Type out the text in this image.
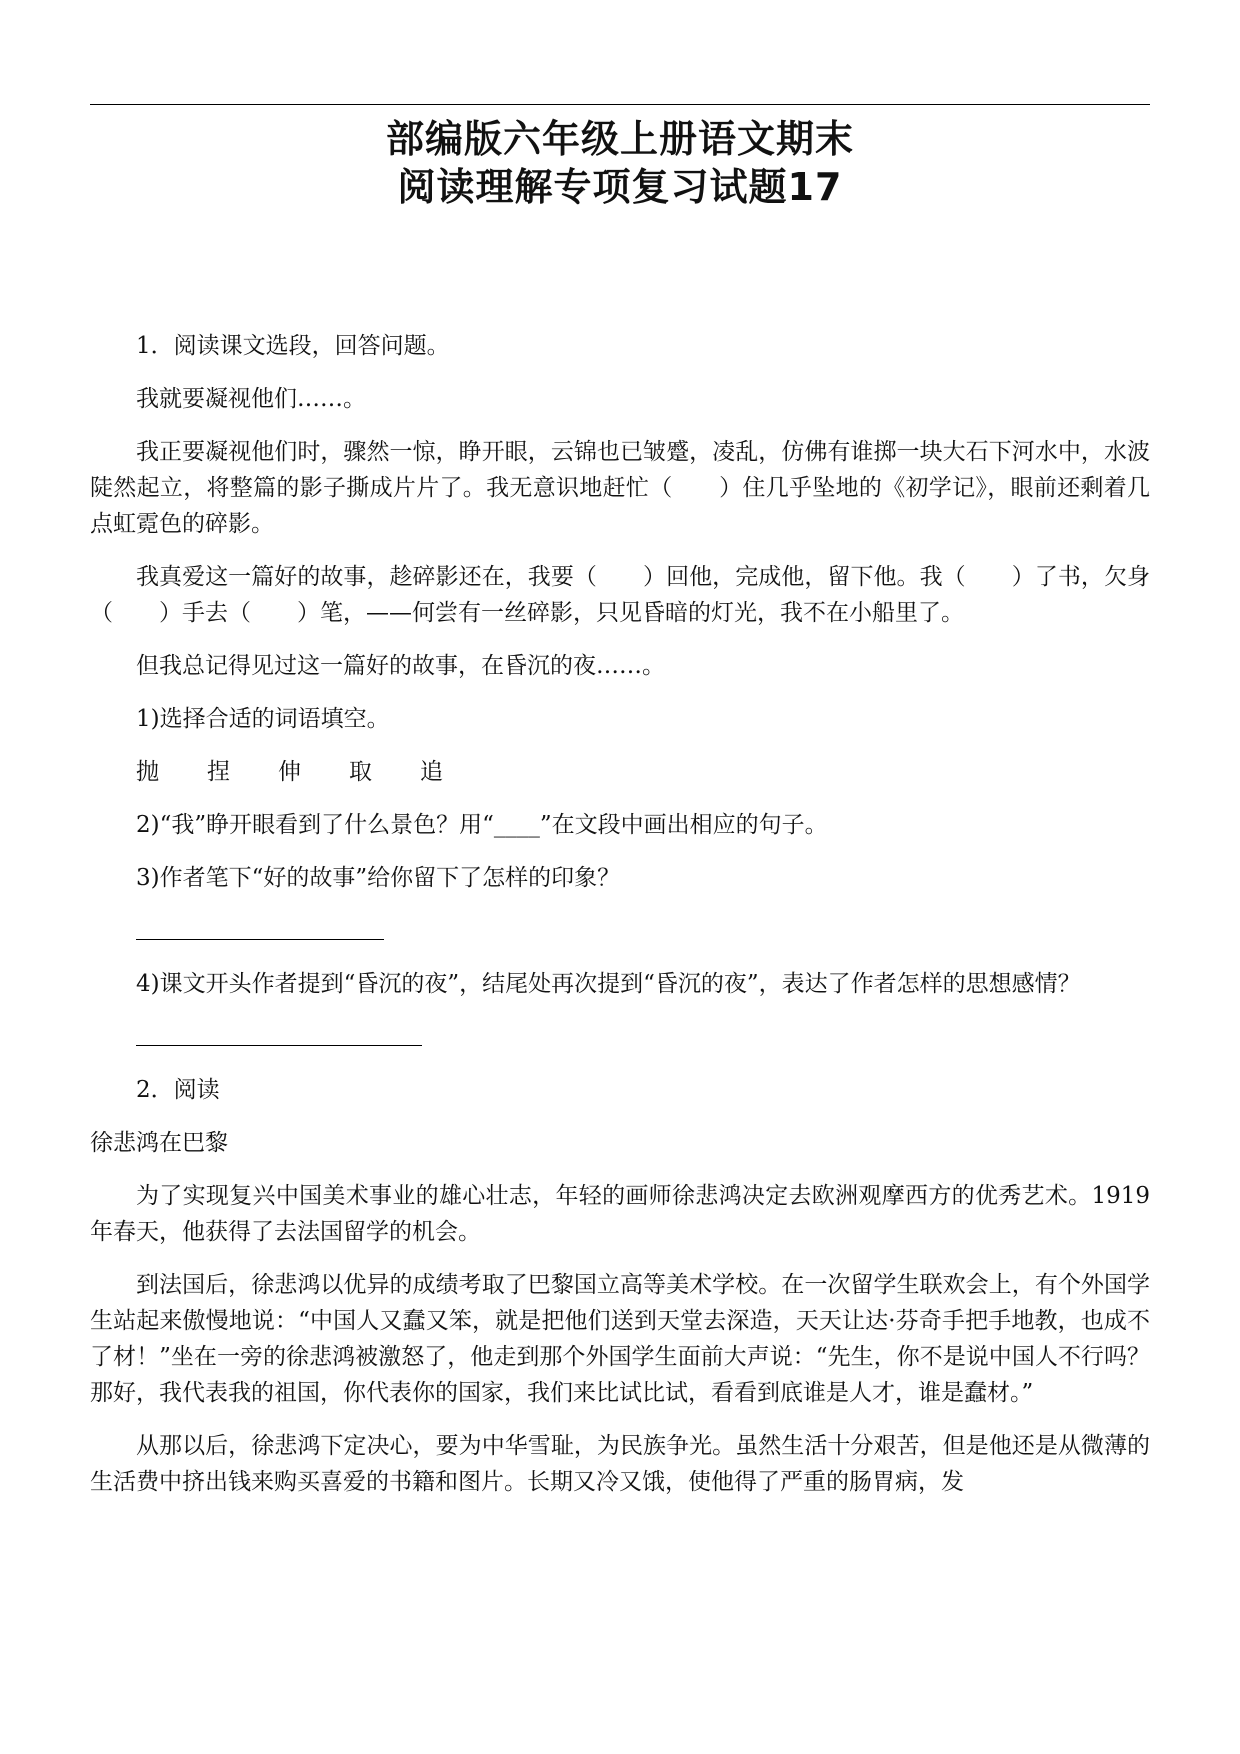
部编版六年级上册语文期末
阅读理解专项复习试题17

1．阅读课文选段，回答问题。

我就要凝视他们……。

我正要凝视他们时，骤然一惊，睁开眼，云锦也已皱蹙，凌乱，仿佛有谁掷一块大石下河水中，水波陡然起立，将整篇的影子撕成片片了。我无意识地赶忙（　　）住几乎坠地的《初学记》，眼前还剩着几点虹霓色的碎影。

我真爱这一篇好的故事，趁碎影还在，我要（　　）回他，完成他，留下他。我（　　）了书，欠身（　　）手去（　　）笔，——何尝有一丝碎影，只见昏暗的灯光，我不在小船里了。

但我总记得见过这一篇好的故事，在昏沉的夜……。

1)选择合适的词语填空。

抛 捏 伸 取 追

2)“我”睁开眼看到了什么景色？用“____”在文段中画出相应的句子。

3)作者笔下“好的故事”给你留下了怎样的印象？

4)课文开头作者提到“昏沉的夜”，结尾处再次提到“昏沉的夜”，表达了作者怎样的思想感情？

2．阅读

徐悲鸿在巴黎

为了实现复兴中国美术事业的雄心壮志，年轻的画师徐悲鸿决定去欧洲观摩西方的优秀艺术。1919年春天，他获得了去法国留学的机会。

到法国后，徐悲鸿以优异的成绩考取了巴黎国立高等美术学校。在一次留学生联欢会上，有个外国学生站起来傲慢地说：“中国人又蠢又笨，就是把他们送到天堂去深造，天天让达·芬奇手把手地教，也成不了材！”坐在一旁的徐悲鸿被激怒了，他走到那个外国学生面前大声说：“先生，你不是说中国人不行吗？那好，我代表我的祖国，你代表你的国家，我们来比试比试，看看到底谁是人才，谁是蠢材。”

从那以后，徐悲鸿下定决心，要为中华雪耻，为民族争光。虽然生活十分艰苦，但是他还是从微薄的生活费中挤出钱来购买喜爱的书籍和图片。长期又冷又饿，使他得了严重的肠胃病，发
